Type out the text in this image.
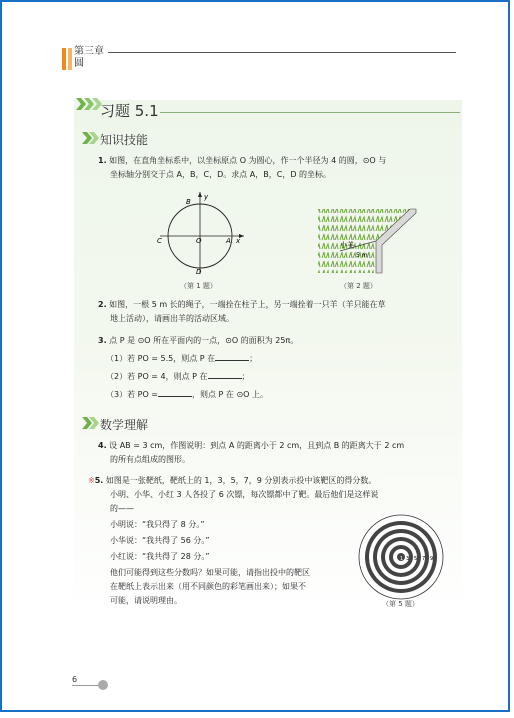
第三章
圆
习题 5.1
知识技能
1. 如图，在直角坐标系中，以坐标原点 O 为圆心，作一个半径为 4 的圆，⊙O 与
坐标轴分别交于点 A，B，C，D。求点 A，B，C，D 的坐标。
B
y
C	O	A x
D
（第 1 题）
小羊
5 m
（第 2 题）
2. 如图，一根 5 m 长的绳子，一端拴在柱子上，另一端拴着一只羊（羊只能在草
地上活动），请画出羊的活动区域。
3. 点 P 是 ⊙O 所在平面内的一点，⊙O 的面积为 25π。
（1）若 PO = 5.5，则点 P 在	；
（2）若 PO = 4，则点 P 在	；
（3）若 PO =	，则点 P 在 ⊙O 上。
数学理解
4. 设 AB = 3 cm，作图说明：到点 A 的距离小于 2 cm，且到点 B 的距离大于 2 cm
的所有点组成的图形。
※5. 如图是一张靶纸，靶纸上的 1，3，5，7，9 分别表示投中该靶区的得分数。
小明、小华、小红 3 人各投了 6 次镖，每次镖都中了靶。最后他们是这样说
的——
小明说：“我只得了 8 分。”
小华说：“我共得了 56 分。”
小红说：“我共得了 28 分。”
他们可能得到这些分数吗？如果可能，请指出投中的靶区
在靶纸上表示出来（用不同颜色的彩笔画出来）；如果不
可能，请说明理由。
1 3 5 7 9
（第 5 题）
6
